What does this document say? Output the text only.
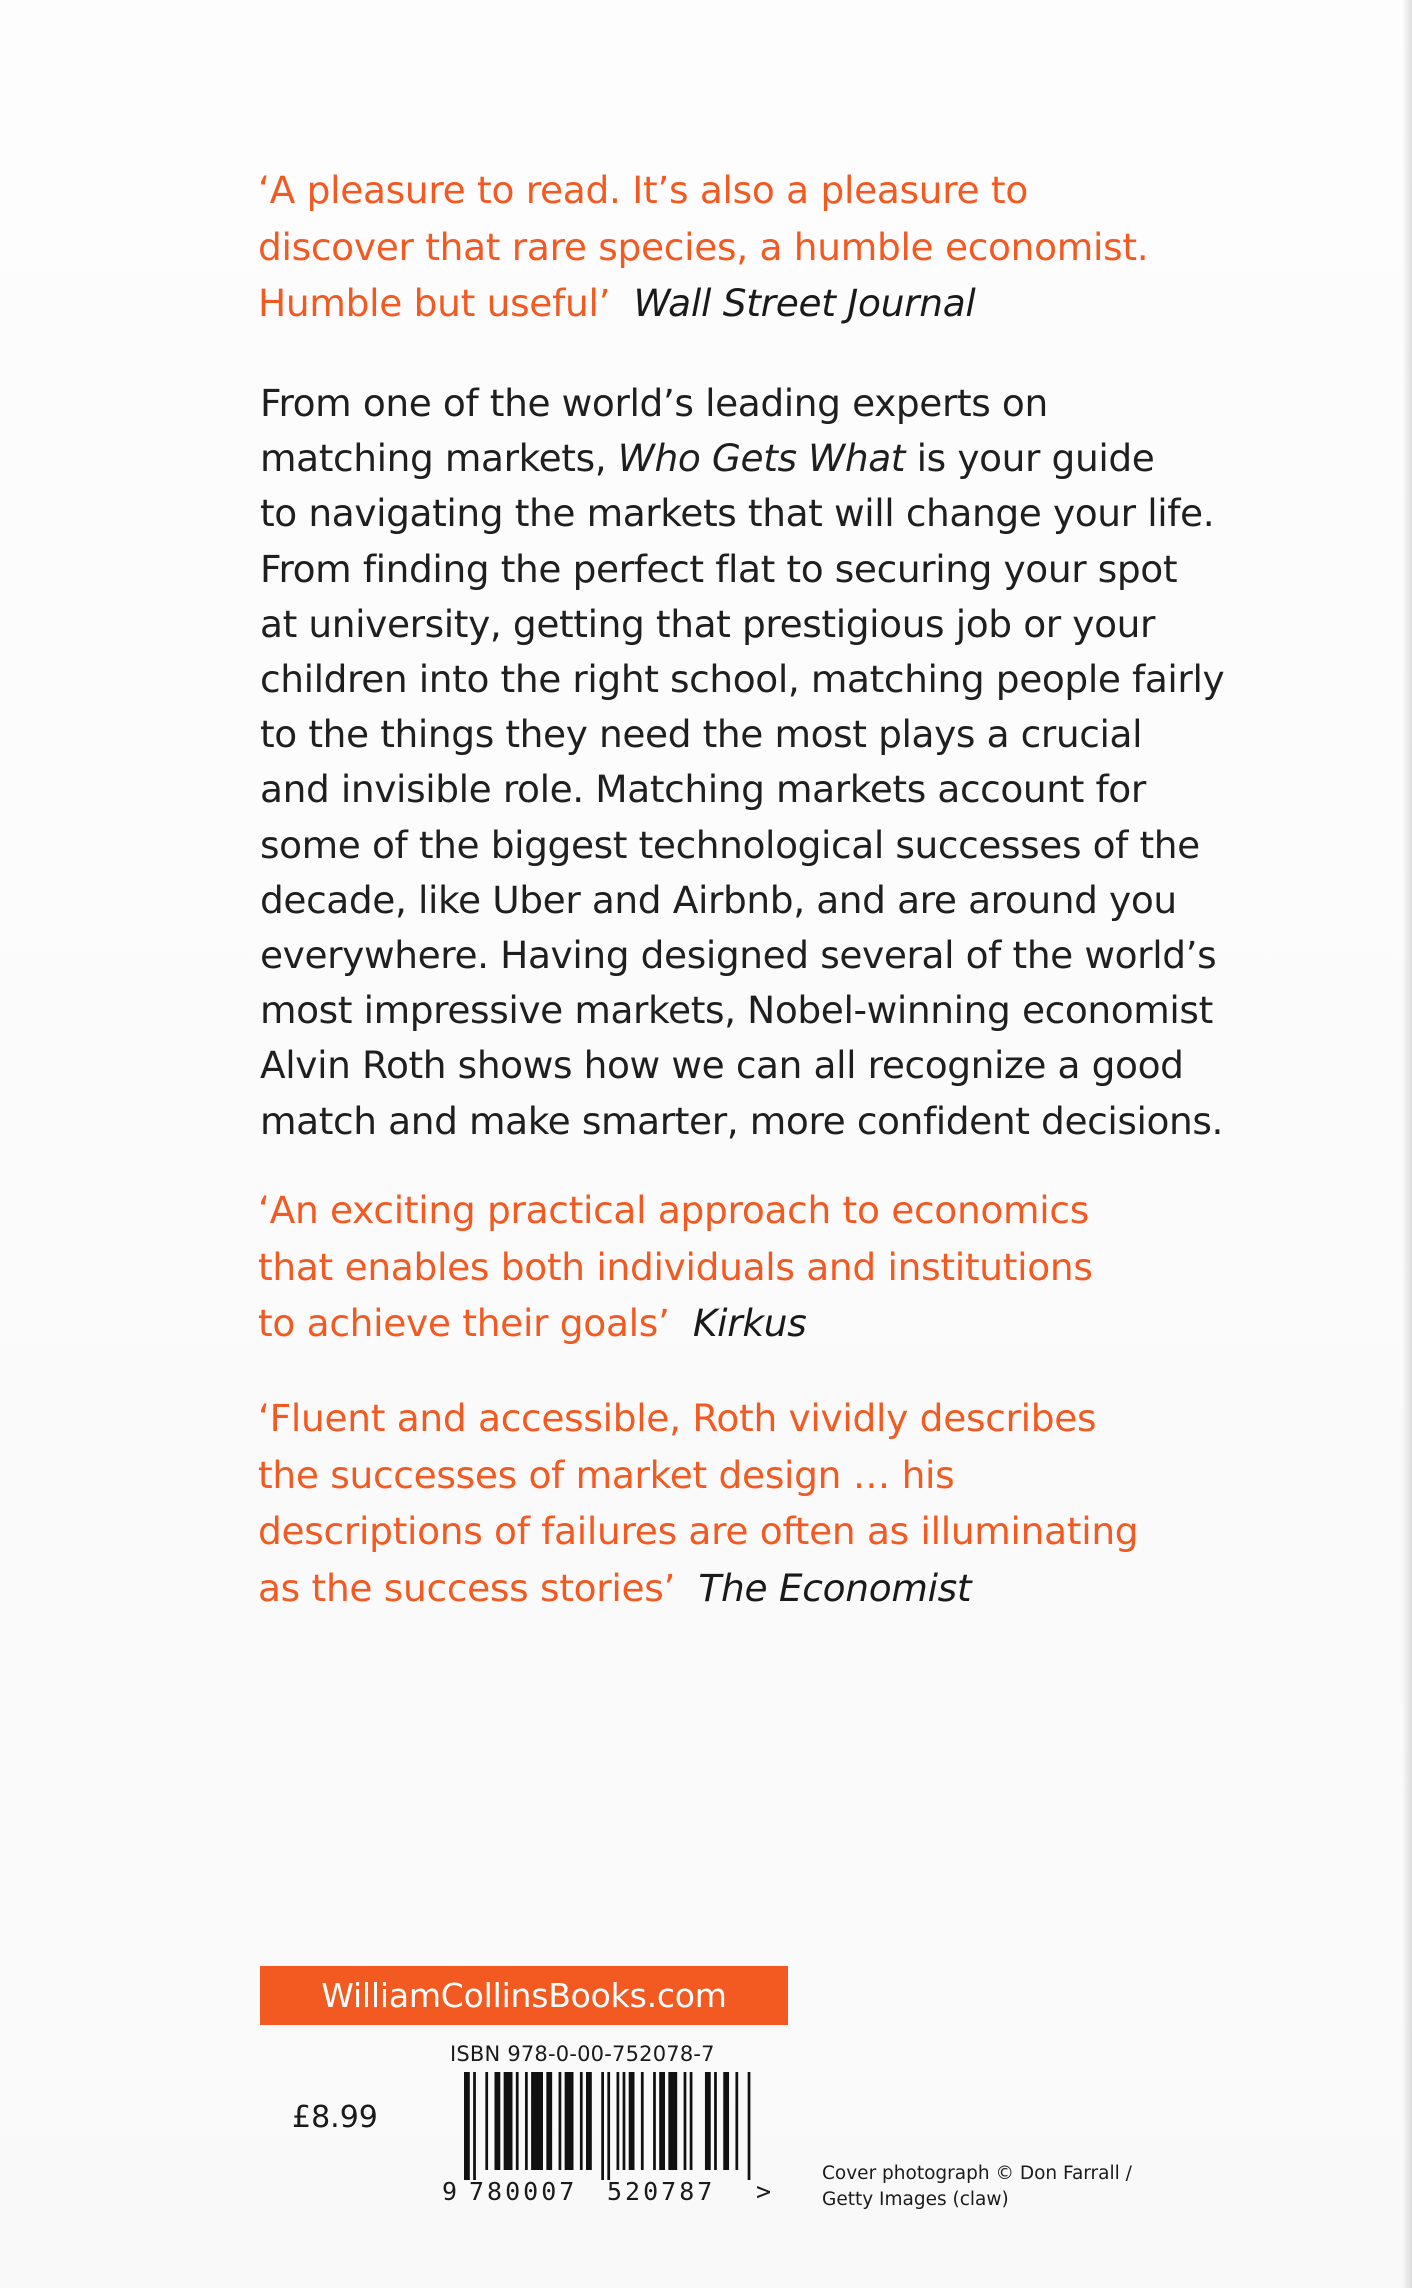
‘A pleasure to read. It’s also a pleasure to
discover that rare species, a humble economist.
Humble but useful’ Wall Street Journal
From one of the world’s leading experts on
matching markets, Who Gets What is your guide
to navigating the markets that will change your life.
From finding the perfect flat to securing your spot
at university, getting that prestigious job or your
children into the right school, matching people fairly
to the things they need the most plays a crucial
and invisible role. Matching markets account for
some of the biggest technological successes of the
decade, like Uber and Airbnb, and are around you
everywhere. Having designed several of the world’s
most impressive markets, Nobel-winning economist
Alvin Roth shows how we can all recognize a good
match and make smarter, more confident decisions.
‘An exciting practical approach to economics
that enables both individuals and institutions
to achieve their goals’ Kirkus
‘Fluent and accessible, Roth vividly describes
the successes of market design … his
descriptions of failures are often as illuminating
as the success stories’ The Economist
WilliamCollinsBooks.com
ISBN 978-0-00-752078-7
£8.99
9 780007 520787 >
Cover photograph © Don Farrall /
Getty Images (claw)
